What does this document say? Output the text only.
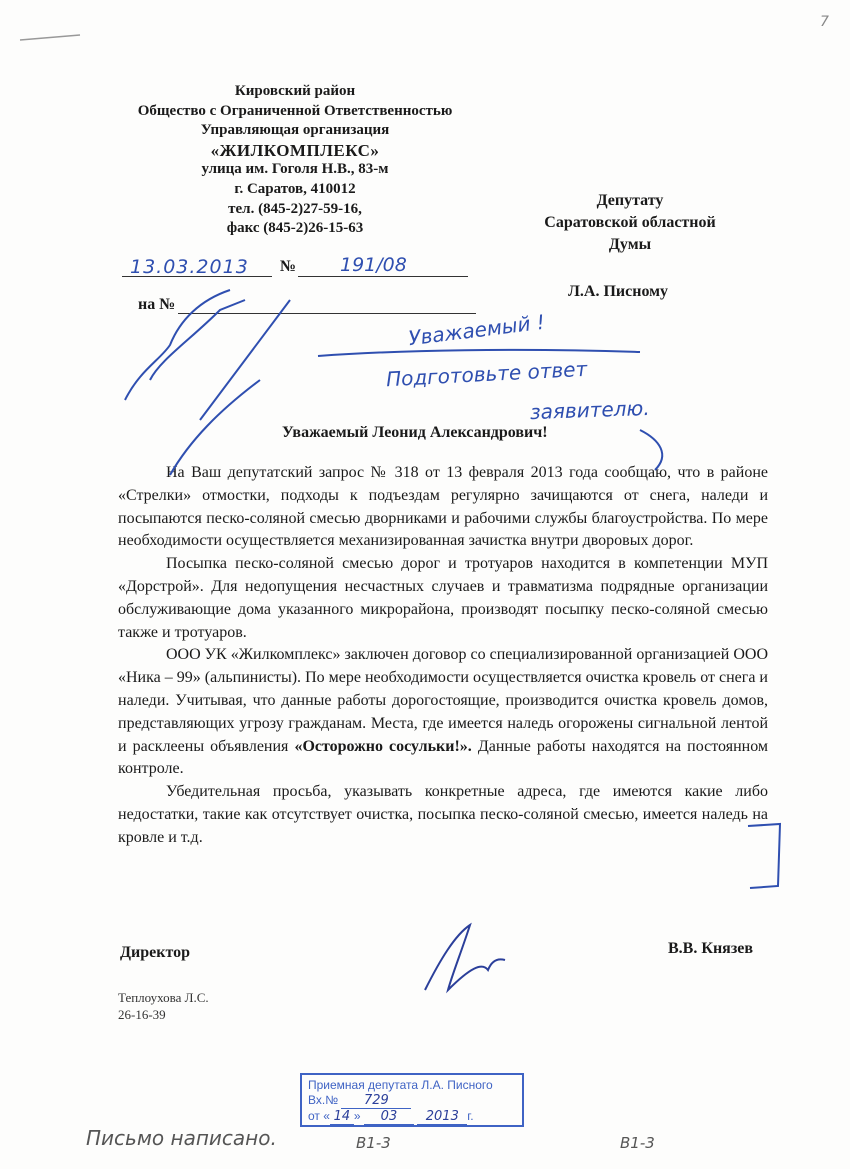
Кировский район
Общество с Ограниченной Ответственностью
Управляющая организация
«ЖИЛКОМПЛЕКС»
улица им. Гоголя Н.В., 83-м
г. Саратов, 410012
тел. (845-2)27-59-16,
факс (845-2)26-15-63
Депутату
Саратовской областной
Думы
Л.А. Писному
13.03.2013 № 191/08
на №
Уважаемый !
Подготовьте ответ
заявителю.
Уважаемый Леонид Александрович!

На Ваш депутатский запрос № 318 от 13 февраля 2013 года сообщаю, что в районе «Стрелки» отмостки, подходы к подъездам регулярно зачищаются от снега, наледи и посыпаются песко-соляной смесью дворниками и рабочими службы благоустройства. По мере необходимости осуществляется механизированная зачистка внутри дворовых дорог.

Посыпка песко-соляной смесью дорог и тротуаров находится в компетенции МУП «Дорстрой». Для недопущения несчастных случаев и травматизма подрядные организации обслуживающие дома указанного микрорайона, производят посыпку песко-соляной смесью также и тротуаров.

ООО УК «Жилкомплекс» заключен договор со специализированной организацией ООО «Ника – 99» (альпинисты). По мере необходимости осуществляется очистка кровель от снега и наледи. Учитывая, что данные работы дорогостоящие, производится очистка кровель домов, представляющих угрозу гражданам. Места, где имеется наледь огорожены сигнальной лентой и расклеены объявления «Осторожно сосульки!». Данные работы находятся на постоянном контроле.

Убедительная просьба, указывать конкретные адреса, где имеются какие либо недостатки, такие как отсутствует очистка, посыпка песко-соляной смесью, имеется наледь на кровле и т.д.

Директор	В.В. Князев
Теплоухова Л.С.
26-16-39
Приемная депутата Л.А. Писного
Вх.№ 729
от « 14 » 03 2013 г.
Письмо написано.	В1-3	В1-3
7
